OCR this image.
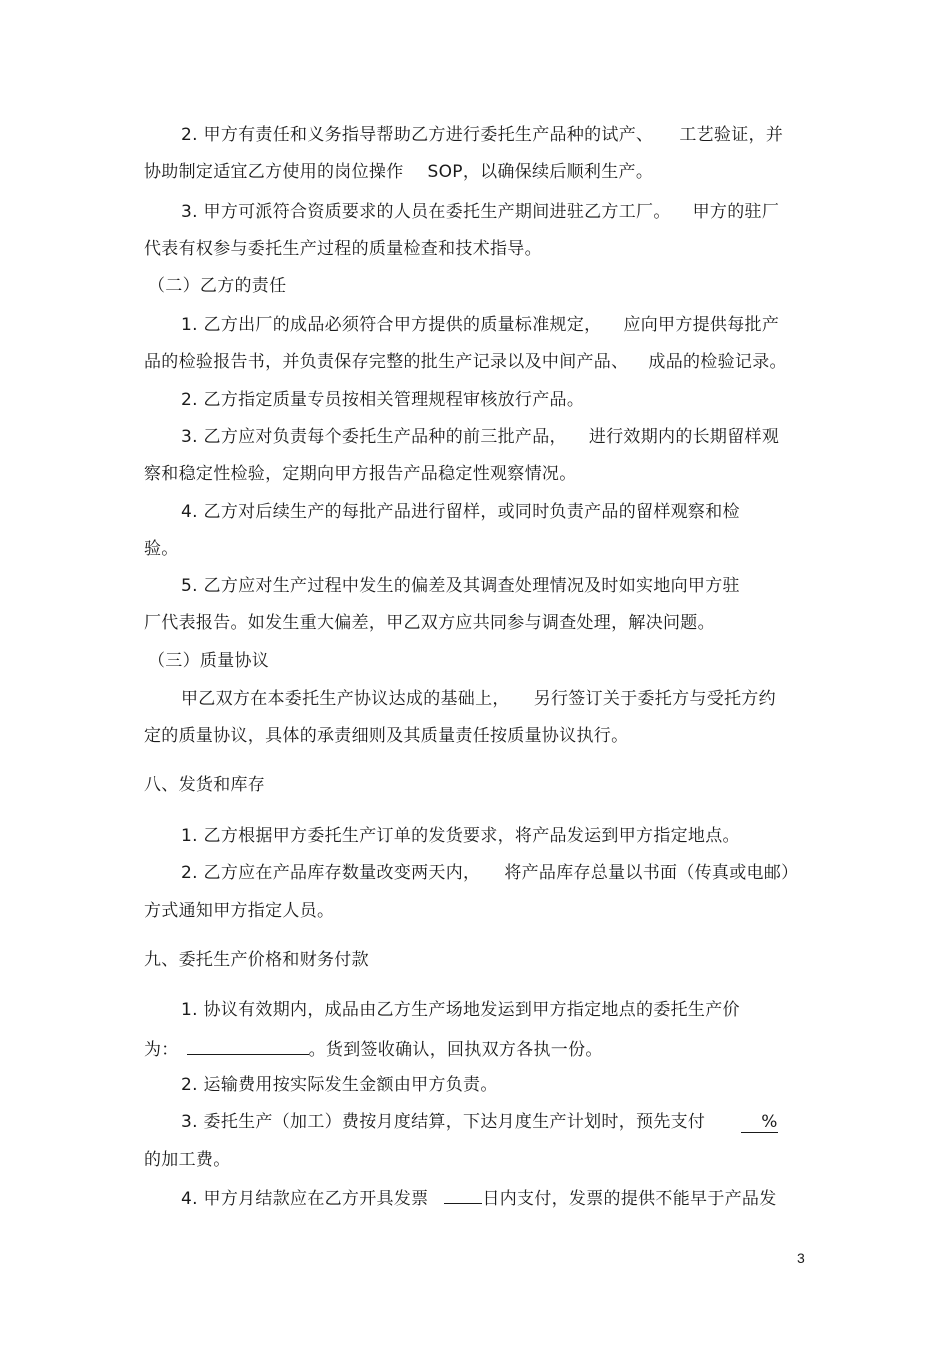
2. 甲方有责任和义务指导帮助乙方进行委托生产品种的试产、 工艺验证，并
协助制定适宜乙方使用的岗位操作 SOP，以确保续后顺利生产。
3. 甲方可派符合资质要求的人员在委托生产期间进驻乙方工厂。 甲方的驻厂
代表有权参与委托生产过程的质量检查和技术指导。
（二）乙方的责任
1. 乙方出厂的成品必须符合甲方提供的质量标准规定， 应向甲方提供每批产
品的检验报告书，并负责保存完整的批生产记录以及中间产品、 成品的检验记录。
2. 乙方指定质量专员按相关管理规程审核放行产品。
3. 乙方应对负责每个委托生产品种的前三批产品， 进行效期内的长期留样观
察和稳定性检验，定期向甲方报告产品稳定性观察情况。
4. 乙方对后续生产的每批产品进行留样，或同时负责产品的留样观察和检
验。
5. 乙方应对生产过程中发生的偏差及其调查处理情况及时如实地向甲方驻
厂代表报告。如发生重大偏差，甲乙双方应共同参与调查处理，解决问题。
（三）质量协议
甲乙双方在本委托生产协议达成的基础上， 另行签订关于委托方与受托方约
定的质量协议，具体的承责细则及其质量责任按质量协议执行。
八、发货和库存
1. 乙方根据甲方委托生产订单的发货要求，将产品发运到甲方指定地点。
2. 乙方应在产品库存数量改变两天内， 将产品库存总量以书面（传真或电邮）
方式通知甲方指定人员。
九、委托生产价格和财务付款
1. 协议有效期内，成品由乙方生产场地发运到甲方指定地点的委托生产价
为：	。货到签收确认，回执双方各执一份。
2. 运输费用按实际发生金额由甲方负责。
3. 委托生产（加工）费按月度结算，下达月度生产计划时，预先支付	%
的加工费。
4. 甲方月结款应在乙方开具发票	日内支付，发票的提供不能早于产品发
3
